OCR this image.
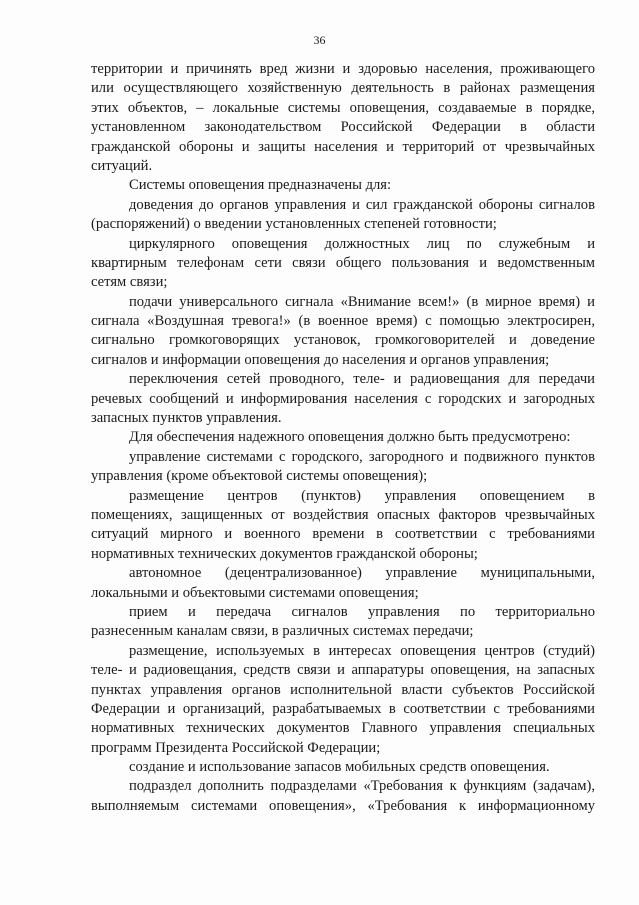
36
территории и причинять вред жизни и здоровью населения, проживающего
или осуществляющего хозяйственную деятельность в районах размещения
этих объектов, – локальные системы оповещения, создаваемые в порядке,
установленном законодательством Российской Федерации в области
гражданской обороны и защиты населения и территорий от чрезвычайных
ситуаций.
Системы оповещения предназначены для:
доведения до органов управления и сил гражданской обороны сигналов
(распоряжений) о введении установленных степеней готовности;
циркулярного оповещения должностных лиц по служебным и
квартирным телефонам сети связи общего пользования и ведомственным
сетям связи;
подачи универсального сигнала «Внимание всем!» (в мирное время) и
сигнала «Воздушная тревога!» (в военное время) с помощью электросирен,
сигнально громкоговорящих установок, громкоговорителей и доведение
сигналов и информации оповещения до населения и органов управления;
переключения сетей проводного, теле- и радиовещания для передачи
речевых сообщений и информирования населения с городских и загородных
запасных пунктов управления.
Для обеспечения надежного оповещения должно быть предусмотрено:
управление системами с городского, загородного и подвижного пунктов
управления (кроме объектовой системы оповещения);
размещение центров (пунктов) управления оповещением в
помещениях, защищенных от воздействия опасных факторов чрезвычайных
ситуаций мирного и военного времени в соответствии с требованиями
нормативных технических документов гражданской обороны;
автономное (децентрализованное) управление муниципальными,
локальными и объектовыми системами оповещения;
прием и передача сигналов управления по территориально
разнесенным каналам связи, в различных системах передачи;
размещение, используемых в интересах оповещения центров (студий)
теле- и радиовещания, средств связи и аппаратуры оповещения, на запасных
пунктах управления органов исполнительной власти субъектов Российской
Федерации и организаций, разрабатываемых в соответствии с требованиями
нормативных технических документов Главного управления специальных
программ Президента Российской Федерации;
создание и использование запасов мобильных средств оповещения.
подраздел дополнить подразделами «Требования к функциям (задачам),
выполняемым системами оповещения», «Требования к информационному
